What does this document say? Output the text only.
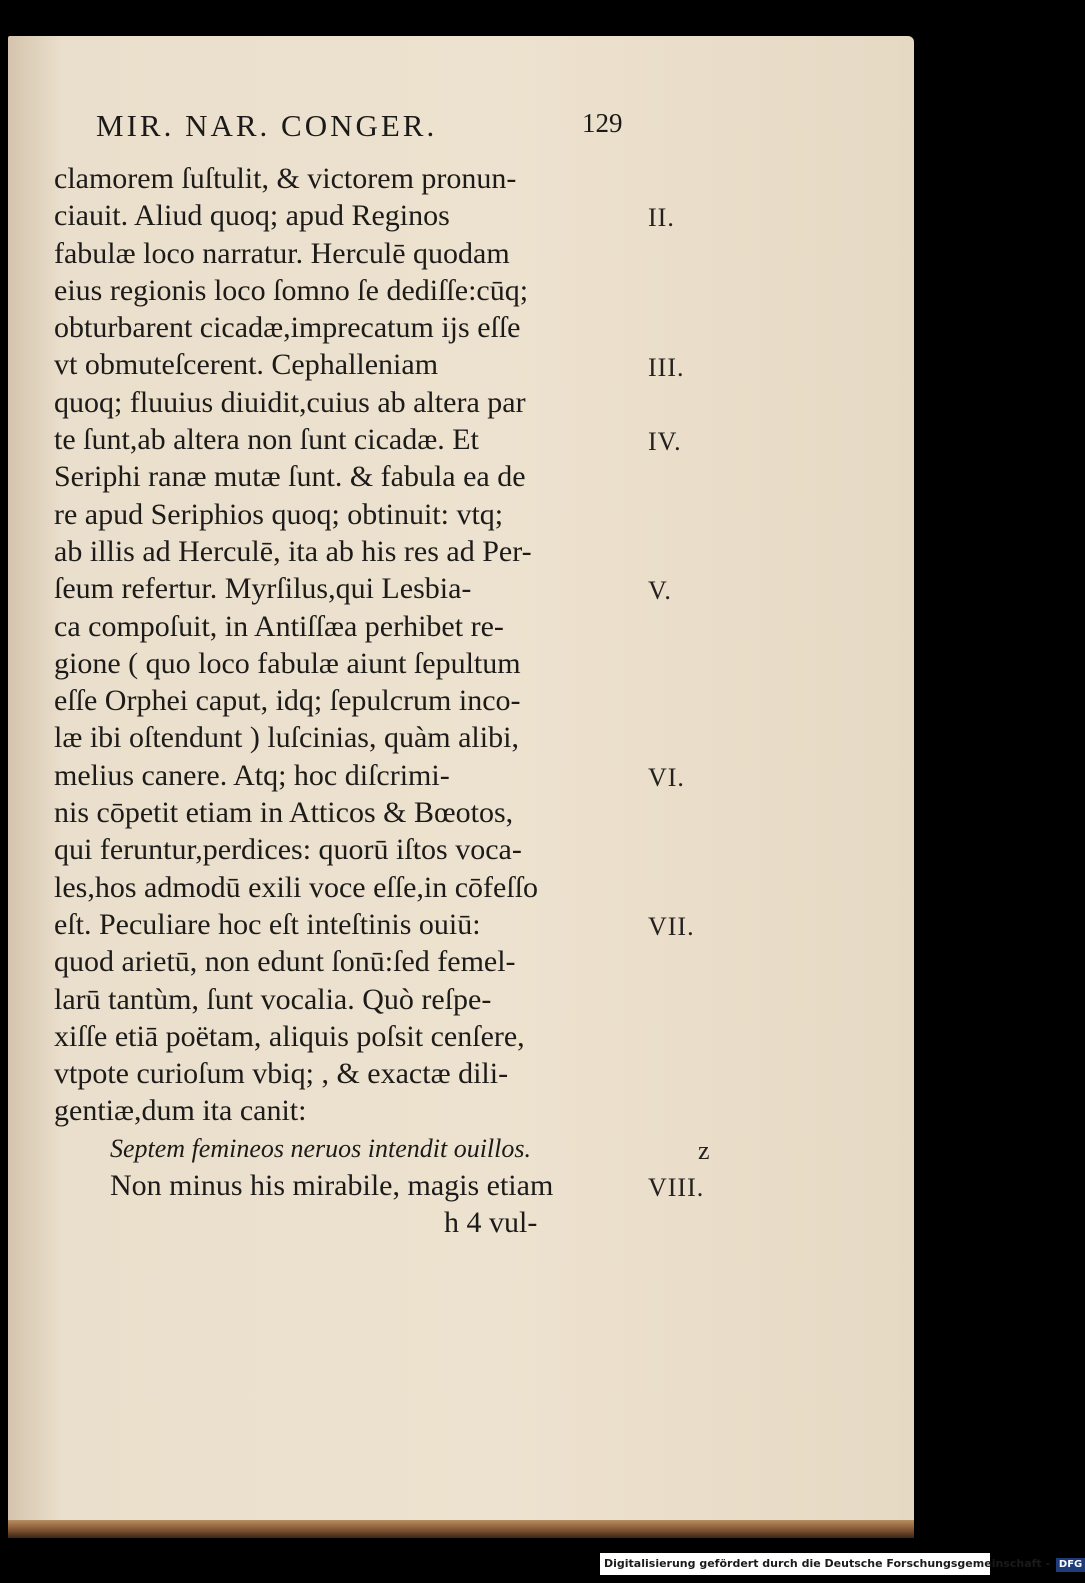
MIR. NAR. CONGER.	129
clamorem ſuſtulit, & victorem pronun-
ciauit. Aliud quoq; apud Reginos
fabulæ loco narratur. Herculē quodam
eius regionis loco ſomno ſe dediſſe:cūq;
obturbarent cicadæ,imprecatum ijs eſſe
vt obmuteſcerent. Cephalleniam
quoq; fluuius diuidit,cuius ab altera par
te ſunt,ab altera non ſunt cicadæ. Et
Seriphi ranæ mutæ ſunt. & fabula ea de
re apud Seriphios quoq; obtinuit: vtq;
ab illis ad Herculē, ita ab his res ad Per-
ſeum refertur. Myrſilus,qui Lesbia-
ca compoſuit, in Antiſſæa perhibet re-
gione ( quo loco fabulæ aiunt ſepultum
eſſe Orphei caput, idq; ſepulcrum inco-
læ ibi oſtendunt ) luſcinias, quàm alibi,
melius canere. Atq; hoc diſcrimi-
nis cōpetit etiam in Atticos & Bœotos,
qui feruntur,perdices: quorū iſtos voca-
les,hos admodū exili voce eſſe,in cōfeſſo
eſt. Peculiare hoc eſt inteſtinis ouiū:
quod arietū, non edunt ſonū:ſed femel-
larū tantùm, ſunt vocalia. Quò reſpe-
xiſſe etiā poëtam, aliquis poſsit cenſere,
vtpote curioſum vbiq; , & exactæ dili-
gentiæ,dum ita canit:
Septem femineos neruos intendit ouillos.
Non minus his mirabile, magis etiam
h 4 vul-
II.
III.
IV.
V.
VI.
VII.
z
VIII.
Digitalisierung gefördert durch die Deutsche Forschungsgemeinschaft - DFG
